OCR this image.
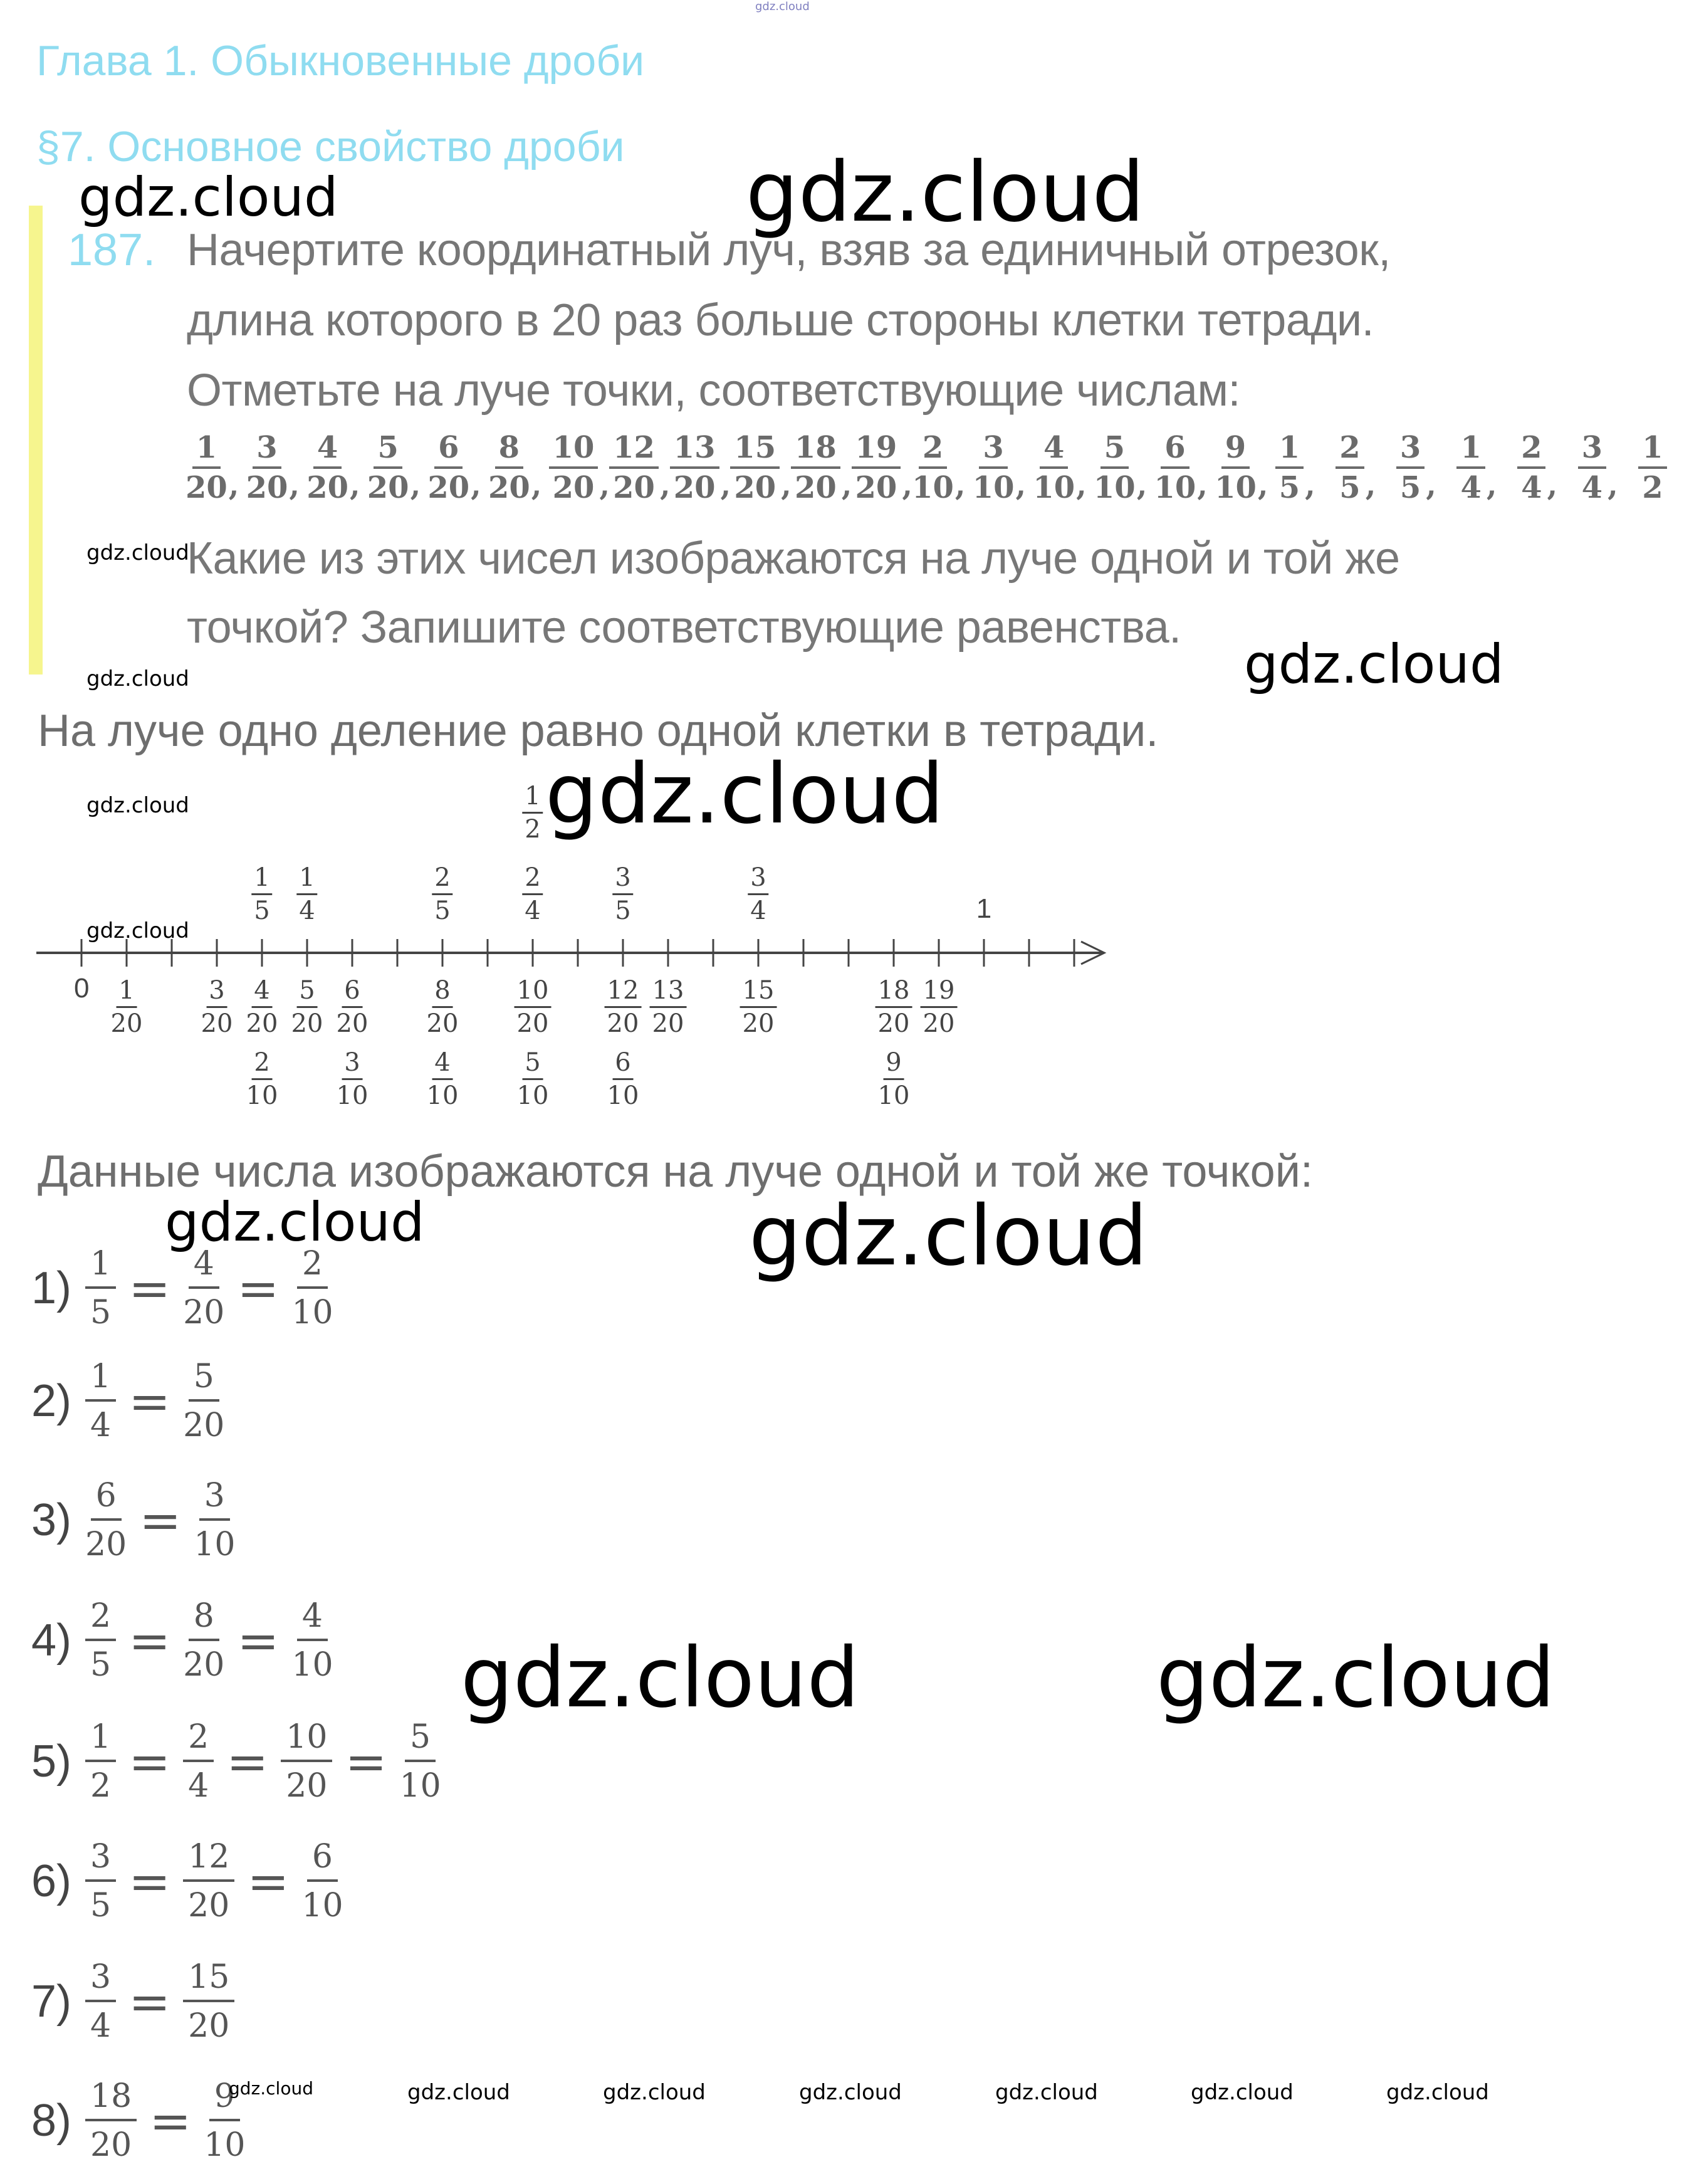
gdz.cloud
Глава 1. Обыкновенные дроби
§7. Основное свойство дроби
187. Начертите координатный луч, взяв за единичный отрезок,
длина которого в 20 раз больше стороны клетки тетради.
Отметьте на луче точки, соответствующие числам:
$\frac{1}{20}$ , $\frac{3}{20}$ , $\frac{4}{20}$ , $\frac{5}{20}$ , $\frac{6}{20}$ , $\frac{8}{20}$ , $\frac{10}{20}$ , $\frac{12}{20}$ , $\frac{13}{20}$ , $\frac{15}{20}$ , $\frac{18}{20}$ , $\frac{19}{20}$ , $\frac{2}{10}$ , $\frac{3}{10}$ , $\frac{4}{10}$ , $\frac{5}{10}$ , $\frac{6}{10}$ , $\frac{9}{10}$ , $\frac{1}{5}$ , $\frac{2}{5}$ , $\frac{3}{5}$ , $\frac{1}{4}$ , $\frac{2}{4}$ , $\frac{3}{4}$ , $\frac{1}{2}$
Какие из этих чисел изображаются на луче одной и той же
точкой? Запишите соответствующие равенства.
На луче одно деление равно одной клетки в тетради.
$\frac{1}{2}$
$\frac{1}{5} \frac{1}{4}$	$\frac{2}{5}$	$\frac{2}{4}$	$\frac{3}{5}$	$\frac{3}{4}$
$\frac{1}{20} \frac{3}{20} \frac{4}{20} \frac{5}{20} \frac{6}{20} \frac{8}{20} \frac{10}{20} \frac{12}{20} \frac{13}{20} \frac{15}{20}$	$\frac{18}{20} \frac{19}{20}$
$\frac{2}{10} \frac{3}{10} \frac{4}{10} \frac{5}{10} \frac{6}{10}$	$\frac{9}{10}$
0
1
Данные числа изображаются на луче одной и той же точкой:
$1) \frac{1}{5} = \frac{4}{20} = \frac{2}{10}$
$2) \frac{1}{4} = \frac{5}{20}$
$3) \frac{6}{20} = \frac{3}{10}$
$4) \frac{2}{5} = \frac{8}{20} = \frac{4}{10}$
$5) \frac{1}{2} = \frac{2}{4} = \frac{10}{20} = \frac{5}{10}$
$6) \frac{3}{5} = \frac{12}{20} = \frac{6}{10}$
$7) \frac{3}{4} = \frac{15}{20}$
$8) \frac{18}{20} = \frac{9}{10}$
gdz.cloud	gdz.cloud
gdz.cloud
gdz.cloud	gdz.cloud
gdz.cloud
gdz.cloud
gdz.cloud
gdz.cloud	gdz.cloud
gdz.cloud	gdz.cloud
gdz.cloud	gdz.cloud	gdz.cloud	gdz.cloud	gdz.cloud	gdz.cloud	gdz.cloud
